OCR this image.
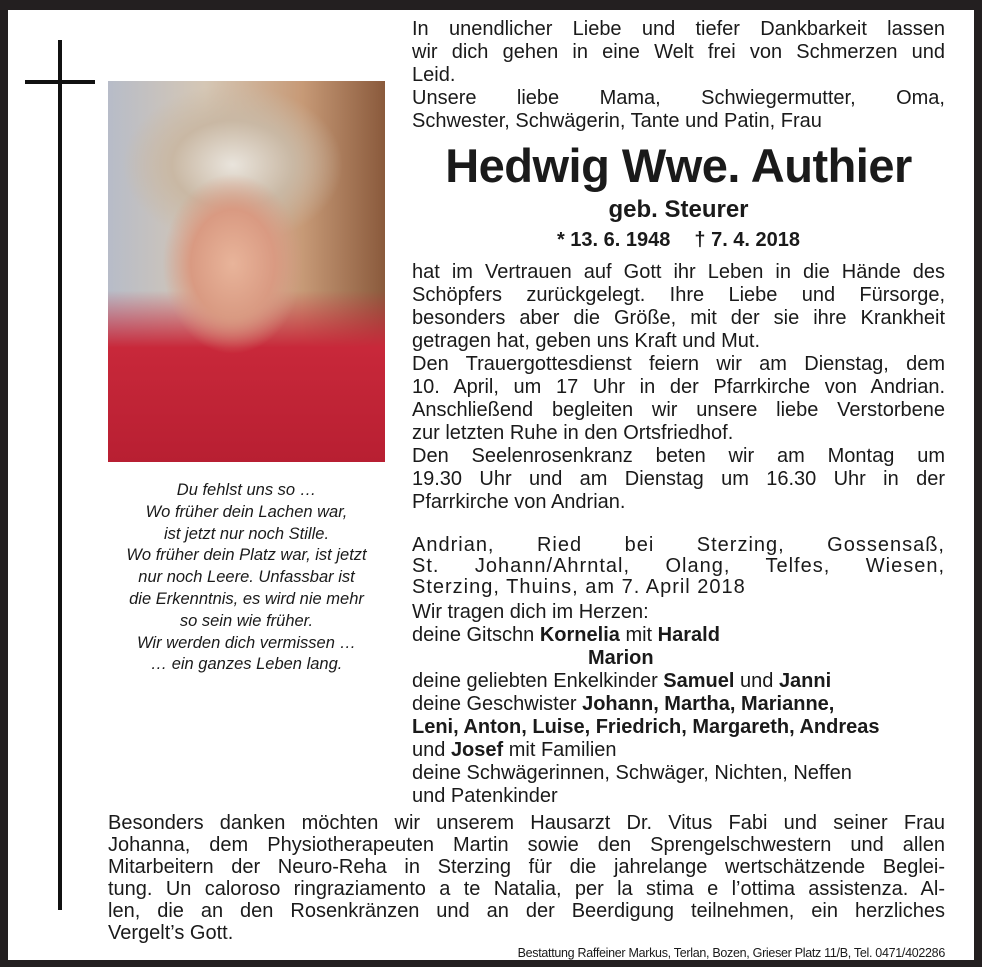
In unendlicher Liebe und tiefer Dankbarkeit lassen
wir dich gehen in eine Welt frei von Schmerzen und
Leid.
Unsere liebe Mama, Schwiegermutter, Oma,
Schwester, Schwägerin, Tante und Patin, Frau
Hedwig Wwe. Authier
geb. Steurer
* 13. 6. 1948 † 7. 4. 2018
hat im Vertrauen auf Gott ihr Leben in die Hände des
Schöpfers zurückgelegt. Ihre Liebe und Fürsorge,
besonders aber die Größe, mit der sie ihre Krankheit
getragen hat, geben uns Kraft und Mut.
Den Trauergottesdienst feiern wir am Dienstag, dem
10. April, um 17 Uhr in der Pfarrkirche von Andrian.
Anschließend begleiten wir unsere liebe Verstorbene
zur letzten Ruhe in den Ortsfriedhof.
Den Seelenrosenkranz beten wir am Montag um
19.30 Uhr und am Dienstag um 16.30 Uhr in der
Pfarrkirche von Andrian.
Andrian, Ried bei Sterzing, Gossensaß,
St. Johann/Ahrntal, Olang, Telfes, Wiesen,
Sterzing, Thuins, am 7. April 2018
Wir tragen dich im Herzen:
deine Gitschn Kornelia mit Harald
Marion
deine geliebten Enkelkinder Samuel und Janni
deine Geschwister Johann, Martha, Marianne,
Leni, Anton, Luise, Friedrich, Margareth, Andreas
und Josef mit Familien
deine Schwägerinnen, Schwäger, Nichten, Neffen
und Patenkinder
Du fehlst uns so …
Wo früher dein Lachen war,
ist jetzt nur noch Stille.
Wo früher dein Platz war, ist jetzt
nur noch Leere. Unfassbar ist
die Erkenntnis, es wird nie mehr
so sein wie früher.
Wir werden dich vermissen …
… ein ganzes Leben lang.
Besonders danken möchten wir unserem Hausarzt Dr. Vitus Fabi und seiner Frau
Johanna, dem Physiotherapeuten Martin sowie den Sprengelschwestern und allen
Mitarbeitern der Neuro-Reha in Sterzing für die jahrelange wertschätzende Beglei-
tung. Un caloroso ringraziamento a te Natalia, per la stima e l’ottima assistenza. Al-
len, die an den Rosenkränzen und an der Beerdigung teilnehmen, ein herzliches
Vergelt’s Gott.
Bestattung Raffeiner Markus, Terlan, Bozen, Grieser Platz 11/B, Tel. 0471/402286
